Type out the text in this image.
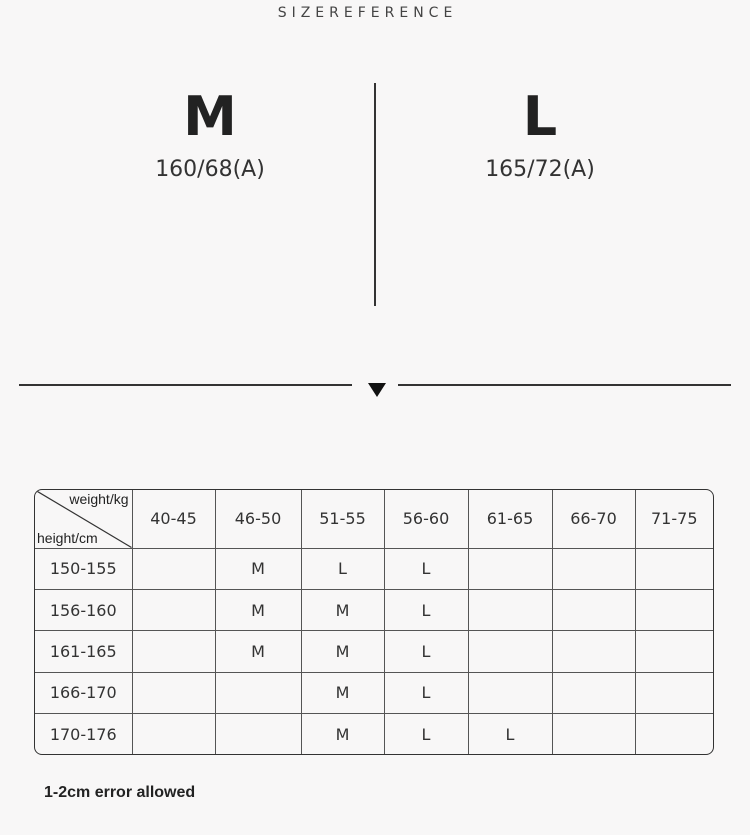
SIZEREFERENCE
M
160/68(A)
L
165/72(A)
weight/kg
height/cm	40-45	46-50	51-55	56-60	61-65	66-70	71-75
150-155		M	L	L			
156-160		M	M	L			
161-165		M	M	L			
166-170			M	L			
170-176			M	L	L		
1-2cm error allowed
